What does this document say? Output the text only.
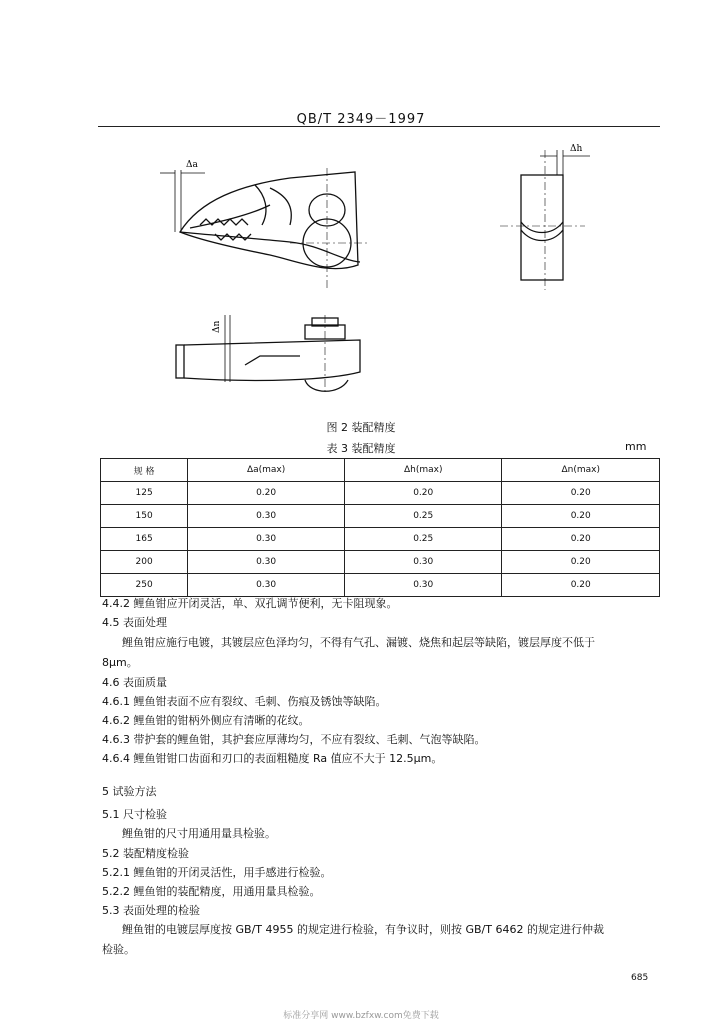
QB/T 2349－1997
Δa
Δh
Δn
图 2 装配精度
表 3 装配精度	mm
规 格	Δa(max)	Δh(max)	Δn(max)
125	0.20	0.20	0.20
150	0.30	0.25	0.20
165	0.30	0.25	0.20
200	0.30	0.30	0.20
250	0.30	0.30	0.20
4.4.2 鲤鱼钳应开闭灵活，单、双孔调节便利，无卡阻现象。
4.5 表面处理
鲤鱼钳应施行电镀，其镀层应色泽均匀，不得有气孔、漏镀、烧焦和起层等缺陷，镀层厚度不低于
8μm。
4.6 表面质量
4.6.1 鲤鱼钳表面不应有裂纹、毛刺、伤痕及锈蚀等缺陷。
4.6.2 鲤鱼钳的钳柄外侧应有清晰的花纹。
4.6.3 带护套的鲤鱼钳，其护套应厚薄均匀，不应有裂纹、毛刺、气泡等缺陷。
4.6.4 鲤鱼钳钳口齿面和刃口的表面粗糙度 Ra 值应不大于 12.5μm。
5 试验方法
5.1 尺寸检验
鲤鱼钳的尺寸用通用量具检验。
5.2 装配精度检验
5.2.1 鲤鱼钳的开闭灵活性，用手感进行检验。
5.2.2 鲤鱼钳的装配精度，用通用量具检验。
5.3 表面处理的检验
鲤鱼钳的电镀层厚度按 GB/T 4955 的规定进行检验，有争议时，则按 GB/T 6462 的规定进行仲裁
检验。
685
标准分享网 www.bzfxw.com免费下载
